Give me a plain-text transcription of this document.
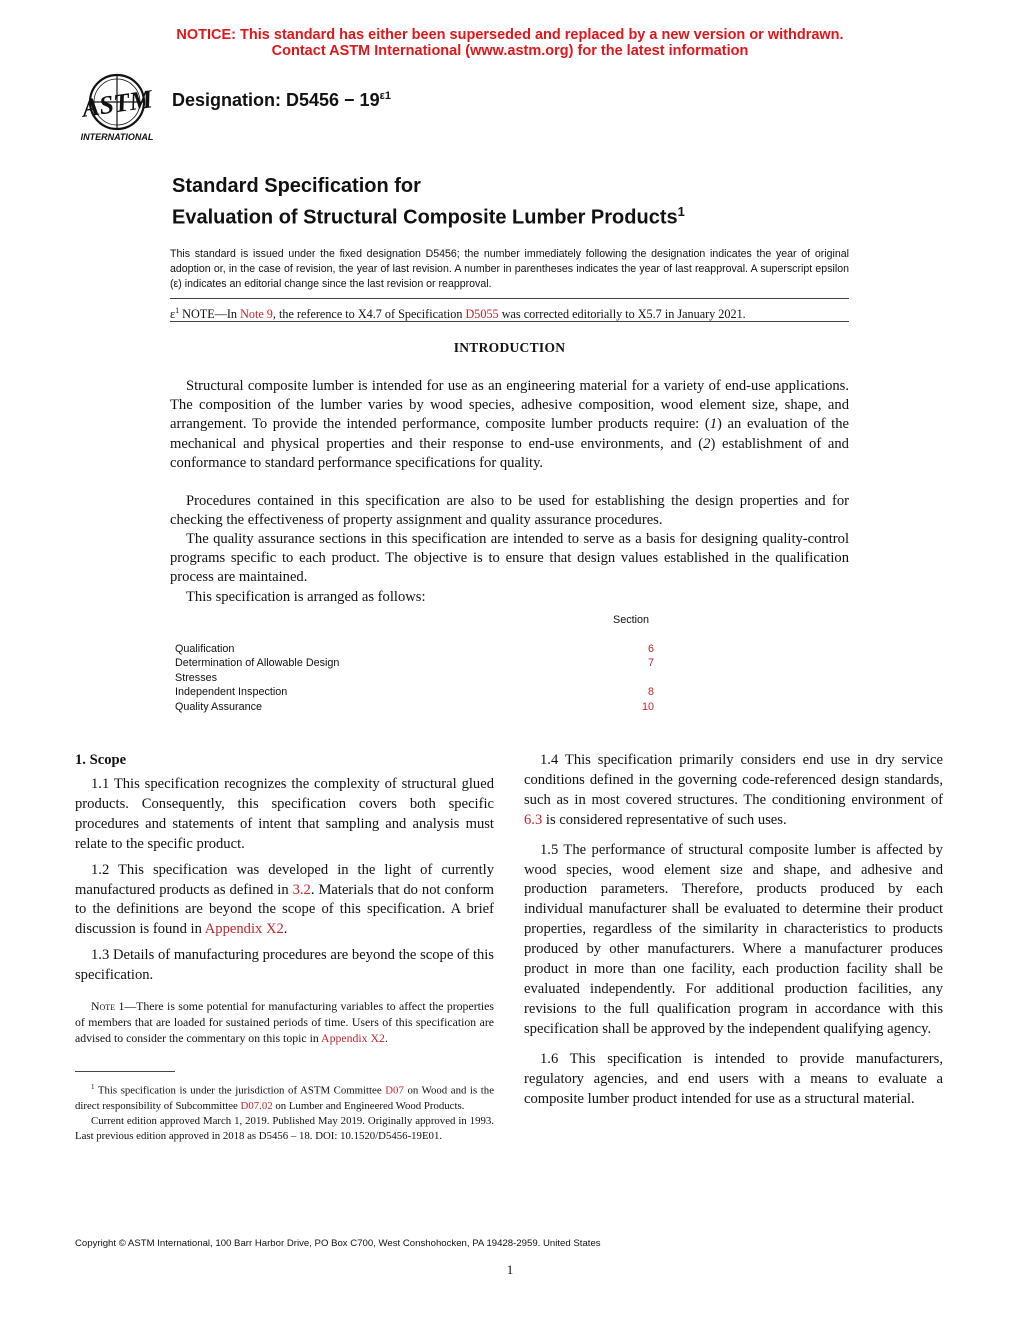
NOTICE: This standard has either been superseded and replaced by a new version or withdrawn.
Contact ASTM International (www.astm.org) for the latest information
ASTM
INTERNATIONAL
Designation: $D5456 - 19^{\varepsilon 1}$
Standard Specification for
Evaluation of Structural Composite Lumber Products$^1$
This standard is issued under the fixed designation D5456; the number immediately following the designation indicates the year of original adoption or, in the case of revision, the year of last revision. A number in parentheses indicates the year of last reapproval. A superscript epsilon (ε) indicates an editorial change since the last revision or reapproval.
$\varepsilon^1$ NOTE—In Note 9, the reference to X4.7 of Specification D5055 was corrected editorially to X5.7 in January 2021.
INTRODUCTION
Structural composite lumber is intended for use as an engineering material for a variety of end-use applications. The composition of the lumber varies by wood species, adhesive composition, wood element size, shape, and arrangement. To provide the intended performance, composite lumber products require: (1) an evaluation of the mechanical and physical properties and their response to end-use environments, and (2) establishment of and conformance to standard performance specifications for quality.
Procedures contained in this specification are also to be used for establishing the design properties and for checking the effectiveness of property assignment and quality assurance procedures.
The quality assurance sections in this specification are intended to serve as a basis for designing quality-control programs specific to each product. The objective is to ensure that design values established in the qualification process are maintained.
This specification is arranged as follows:
Section
Qualification
Determination of Allowable Design
Stresses
Independent Inspection
Quality Assurance
6
7
8
10
1. Scope
1.1 This specification recognizes the complexity of structural glued products. Consequently, this specification covers both specific procedures and statements of intent that sampling and analysis must relate to the specific product.
1.2 This specification was developed in the light of currently manufactured products as defined in 3.2. Materials that do not conform to the definitions are beyond the scope of this specification. A brief discussion is found in Appendix X2.
1.3 Details of manufacturing procedures are beyond the scope of this specification.
Note 1—There is some potential for manufacturing variables to affect the properties of members that are loaded for sustained periods of time. Users of this specification are advised to consider the commentary on this topic in Appendix X2.
$^1$ This specification is under the jurisdiction of ASTM Committee D07 on Wood and is the direct responsibility of Subcommittee D07.02 on Lumber and Engineered Wood Products.
Current edition approved March 1, 2019. Published May 2019. Originally approved in 1993. Last previous edition approved in 2018 as D5456 – 18. DOI: 10.1520/D5456-19E01.
1.4 This specification primarily considers end use in dry service conditions defined in the governing code-referenced design standards, such as in most covered structures. The conditioning environment of 6.3 is considered representative of such uses.
1.5 The performance of structural composite lumber is affected by wood species, wood element size and shape, and adhesive and production parameters. Therefore, products produced by each individual manufacturer shall be evaluated to determine their product properties, regardless of the similarity in characteristics to products produced by other manufacturers. Where a manufacturer produces product in more than one facility, each production facility shall be evaluated independently. For additional production facilities, any revisions to the full qualification program in accordance with this specification shall be approved by the independent qualifying agency.
1.6 This specification is intended to provide manufacturers, regulatory agencies, and end users with a means to evaluate a composite lumber product intended for use as a structural material.
Copyright © ASTM International, 100 Barr Harbor Drive, PO Box C700, West Conshohocken, PA 19428-2959. United States
1
